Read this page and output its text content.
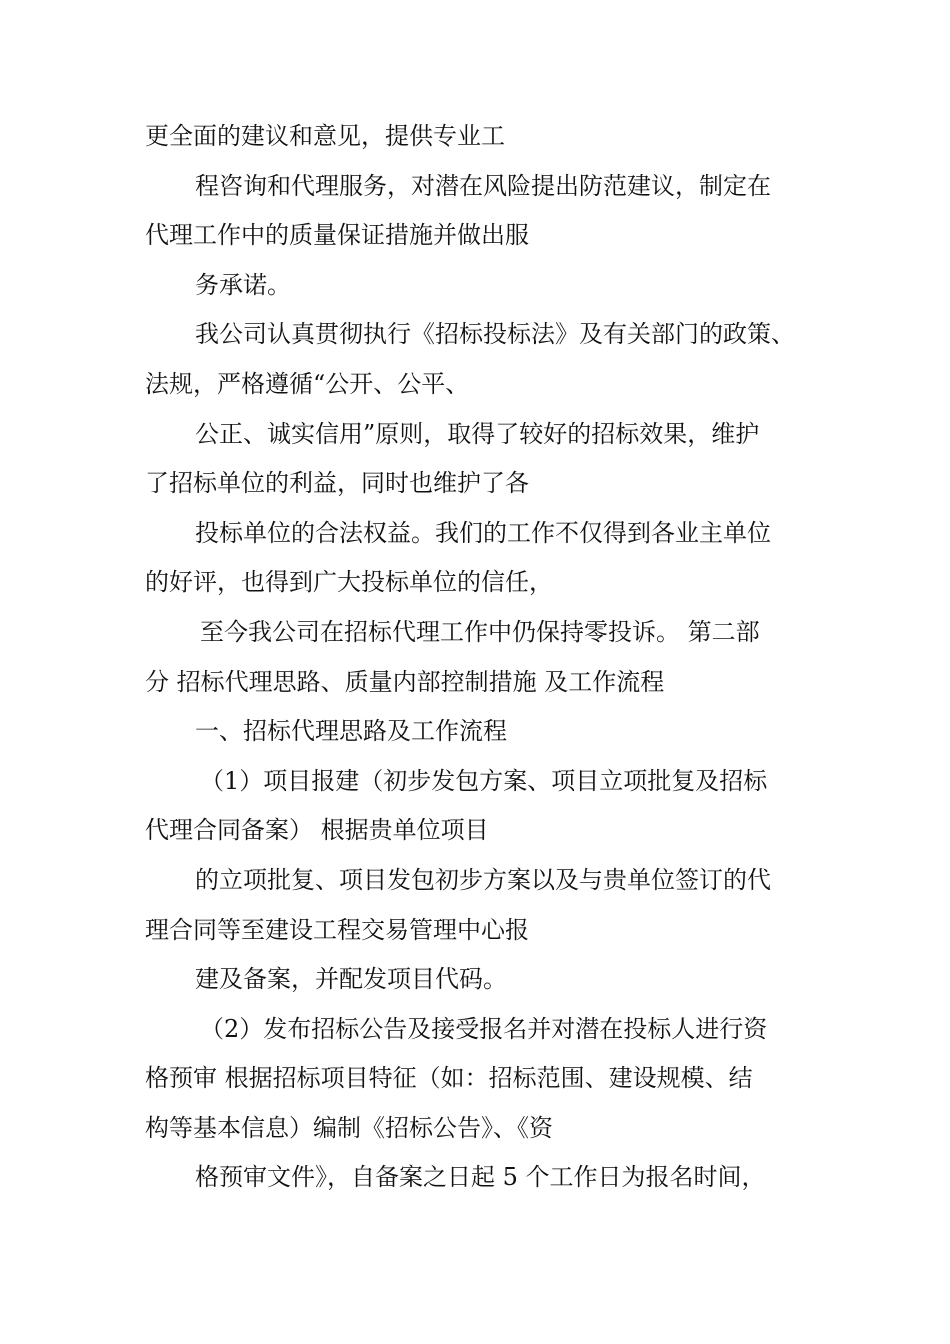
更全面的建议和意见，提供专业工
程咨询和代理服务，对潜在风险提出防范建议，制定在
代理工作中的质量保证措施并做出服
务承诺。
我公司认真贯彻执行《招标投标法》及有关部门的政策、
法规，严格遵循“公开、公平、
公正、诚实信用”原则，取得了较好的招标效果，维护
了招标单位的利益，同时也维护了各
投标单位的合法权益。我们的工作不仅得到各业主单位
的好评，也得到广大投标单位的信任，
至今我公司在招标代理工作中仍保持零投诉。 第二部
分 招标代理思路、质量内部控制措施 及工作流程
一、招标代理思路及工作流程
（1）项目报建（初步发包方案、项目立项批复及招标
代理合同备案） 根据贵单位项目
的立项批复、项目发包初步方案以及与贵单位签订的代
理合同等至建设工程交易管理中心报
建及备案，并配发项目代码。
（2）发布招标公告及接受报名并对潜在投标人进行资
格预审 根据招标项目特征（如：招标范围、建设规模、结
构等基本信息）编制《招标公告》、《资
格预审文件》，自备案之日起 5 个工作日为报名时间，
